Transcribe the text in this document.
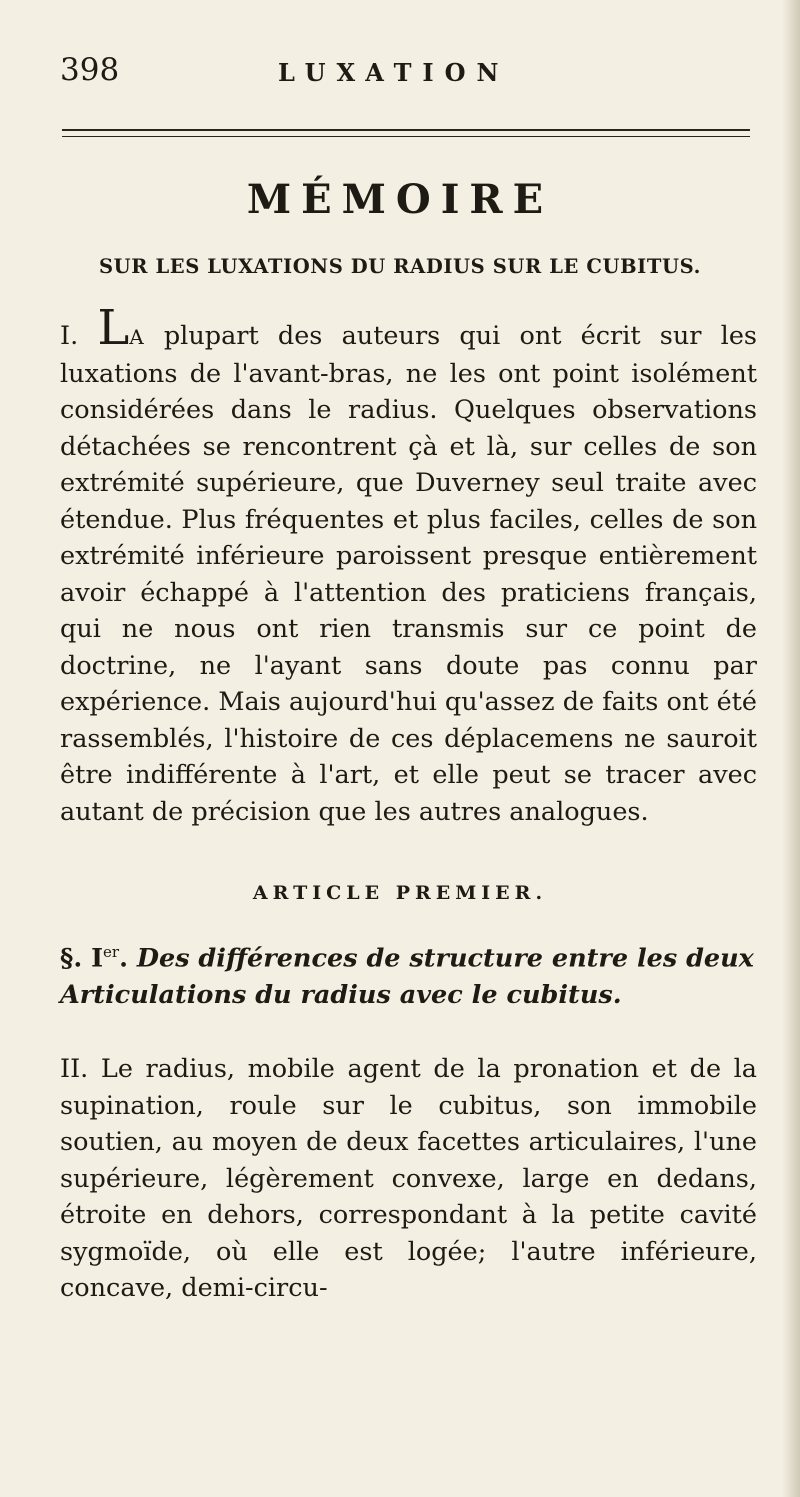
398	LUXATION
MÉMOIRE
SUR LES LUXATIONS DU RADIUS SUR LE CUBITUS.

I. LA plupart des auteurs qui ont écrit sur les luxations de l'avant-bras, ne les ont point isolément considérées dans le radius. Quelques observations détachées se rencontrent çà et là, sur celles de son extrémité supérieure, que Duverney seul traite avec étendue. Plus fréquentes et plus faciles, celles de son extrémité inférieure paroissent presque entièrement avoir échappé à l'attention des praticiens français, qui ne nous ont rien transmis sur ce point de doctrine, ne l'ayant sans doute pas connu par expérience. Mais aujourd'hui qu'assez de faits ont été rassemblés, l'histoire de ces déplacemens ne sauroit être indifférente à l'art, et elle peut se tracer avec autant de précision que les autres analogues.

ARTICLE PREMIER.

§. Ier. Des différences de structure entre les deux Articulations du radius avec le cubitus.

II. Le radius, mobile agent de la pronation et de la supination, roule sur le cubitus, son immobile soutien, au moyen de deux facettes articulaires, l'une supérieure, légèrement convexe, large en dedans, étroite en dehors, correspondant à la petite cavité sygmoïde, où elle est logée; l'autre inférieure, concave, demi-circu-
